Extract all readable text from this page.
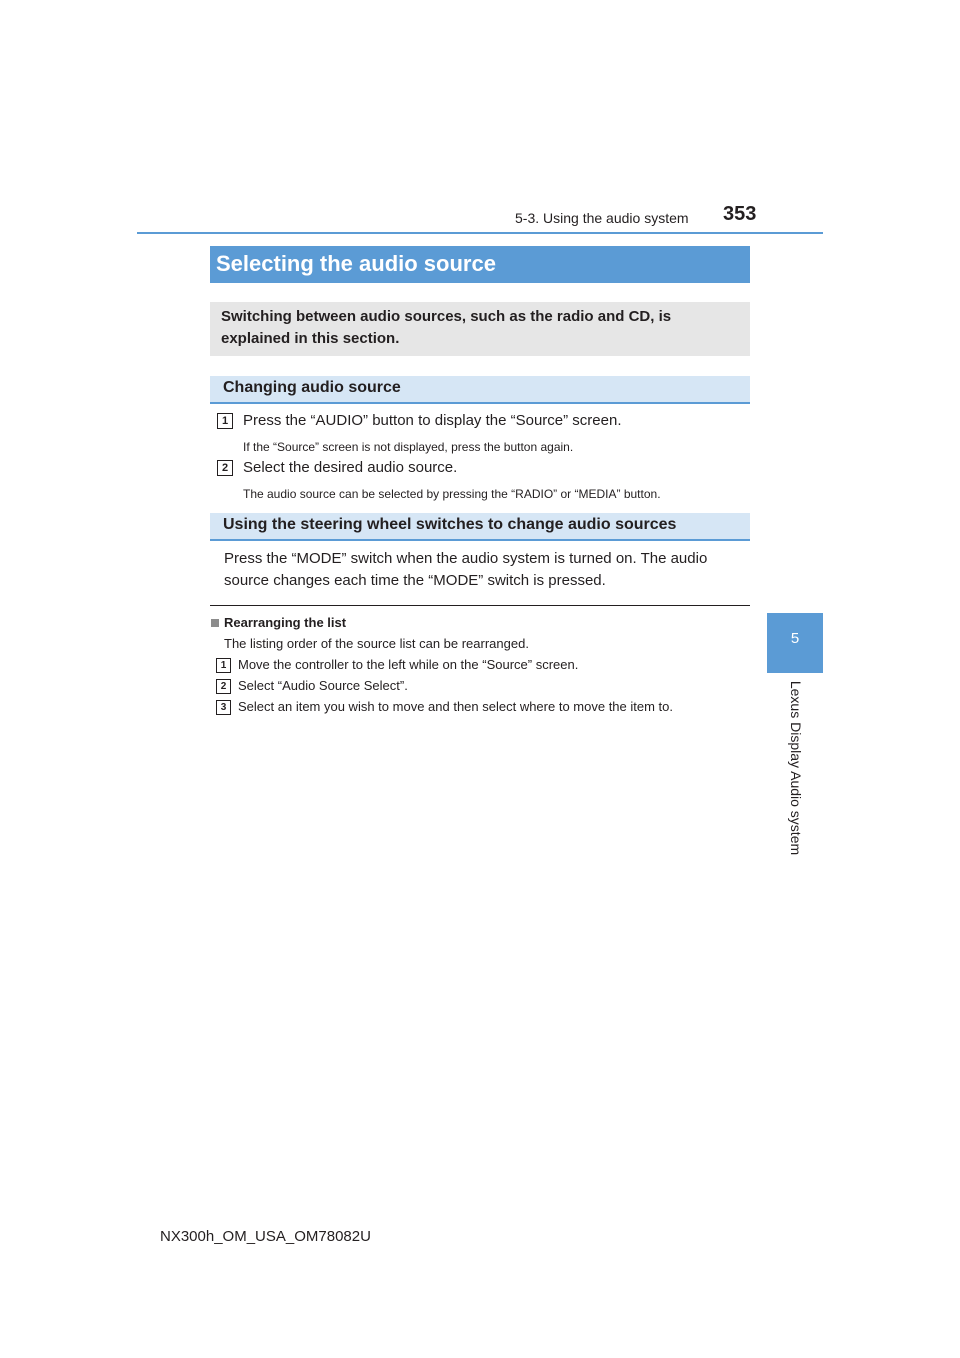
5-3. Using the audio system 353
5
Lexus Display Audio system
Selecting the audio source

Switching between audio sources, such as the radio and CD, is explained in this section.

Changing audio source
1 Press the “AUDIO” button to display the “Source” screen.
If the “Source” screen is not displayed, press the button again.
2 Select the desired audio source.
The audio source can be selected by pressing the “RADIO” or “MEDIA” button.
Using the steering wheel switches to change audio sources

Press the “MODE” switch when the audio system is turned on. The audio source changes each time the “MODE” switch is pressed.

Rearranging the list
The listing order of the source list can be rearranged.
1 Move the controller to the left while on the “Source” screen.
2 Select “Audio Source Select”.
3 Select an item you wish to move and then select where to move the item to.
NX300h_OM_USA_OM78082U
